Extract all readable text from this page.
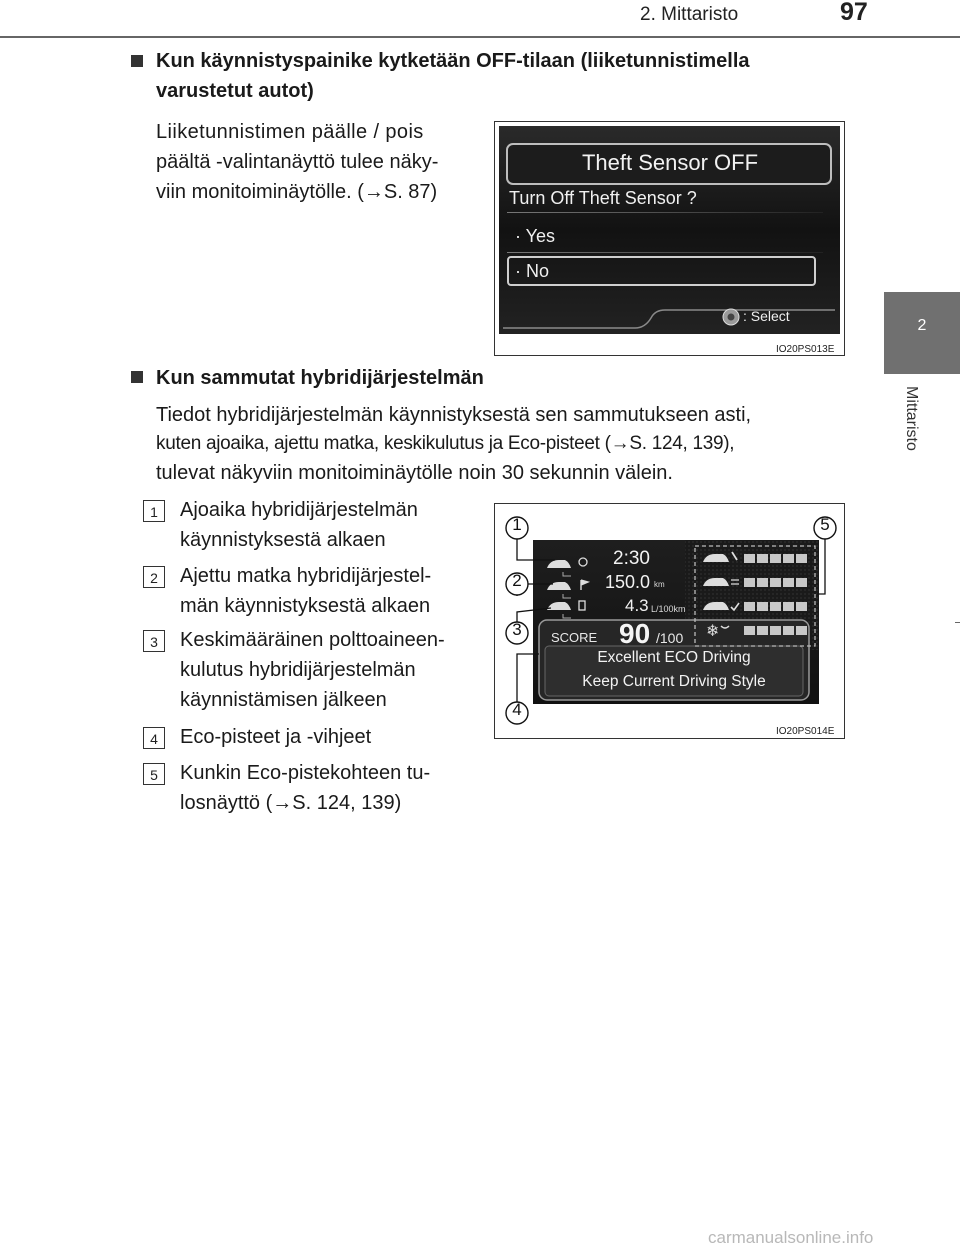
2. Mittaristo	97
2
Mittaristo
Kun käynnistyspainike kytketään OFF-tilaan (liiketunnistimella
varustetut autot)
Liiketunnistimen päälle / pois
päältä -valintanäyttö tulee näky-
viin monitoiminäytölle. (→S. 87)
Theft Sensor OFF
Turn Off Theft Sensor ?
· Yes
· No
: Select
IO20PS013E
Kun sammutat hybridijärjestelmän
Tiedot hybridijärjestelmän käynnistyksestä sen sammutukseen asti,
kuten ajoaika, ajettu matka, keskikulutus ja Eco-pisteet (→S. 124, 139),
tulevat näkyviin monitoiminäytölle noin 30 sekunnin välein.
1	Ajoaika hybridijärjestelmän
käynnistyksestä alkaen
2	Ajettu matka hybridijärjestel-
män käynnistyksestä alkaen
3	Keskimääräinen polttoaineen-
kulutus hybridijärjestelmän
käynnistämisen jälkeen
4	Eco-pisteet ja -vihjeet
5	Kunkin Eco-pistekohteen tu-
losnäyttö (→S. 124, 139)
❄
1
2
3
4
5
2:30
150.0 km
4.3 L/100km
SCORE 90 /100
Excellent ECO Driving
Keep Current Driving Style
IO20PS014E
carmanualsonline.info
